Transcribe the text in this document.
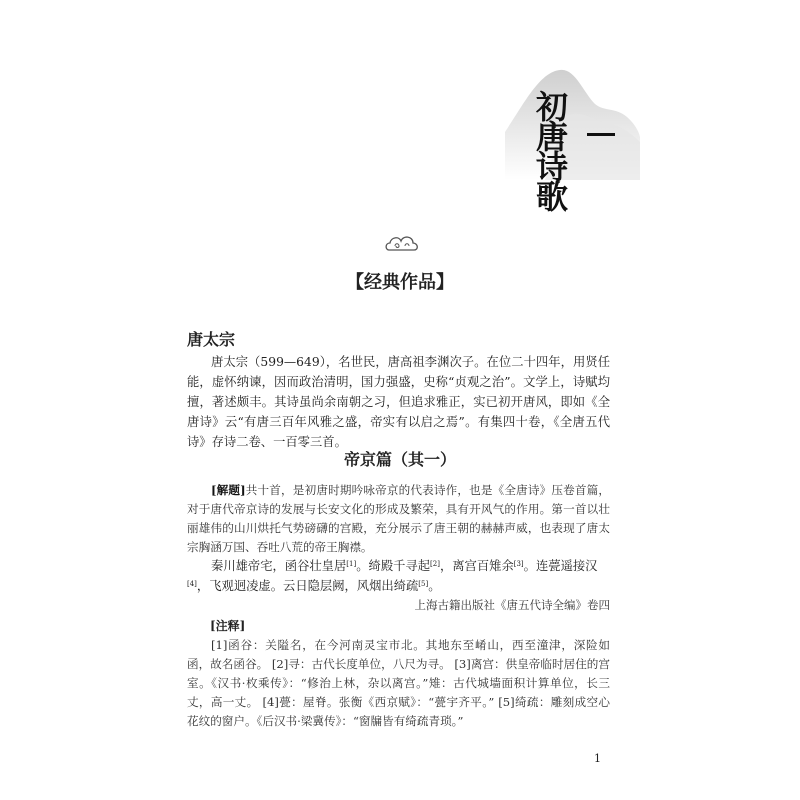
初
唐
诗
歌
【经典作品】
唐太宗
唐太宗（599—649），名世民，唐高祖李渊次子。在位二十四年，用贤任能，虚怀纳谏，因而政治清明，国力强盛，史称“贞观之治”。文学上，诗赋均擅，著述颇丰。其诗虽尚余南朝之习，但追求雅正，实已初开唐风，即如《全唐诗》云“有唐三百年风雅之盛，帝实有以启之焉”。有集四十卷，《全唐五代诗》存诗二卷、一百零三首。
帝京篇（其一）
[解题]共十首，是初唐时期吟咏帝京的代表诗作，也是《全唐诗》压卷首篇，对于唐代帝京诗的发展与长安文化的形成及繁荣，具有开风气的作用。第一首以壮丽雄伟的山川烘托气势磅礴的宫殿，充分展示了唐王朝的赫赫声威，也表现了唐太宗胸涵万国、吞吐八荒的帝王胸襟。
秦川雄帝宅，函谷壮皇居[1]。绮殿千寻起[2]，离宫百雉余[3]。连甍遥接汉[4]，飞观迥凌虚。云日隐层阙，风烟出绮疏[5]。
上海古籍出版社《唐五代诗全编》卷四
[注释]
[1]函谷：关隘名，在今河南灵宝市北。其地东至崤山，西至潼津，深险如函，故名函谷。 [2]寻：古代长度单位，八尺为寻。 [3]离宫：供皇帝临时居住的宫室。《汉书·枚乘传》：“修治上林，杂以离宫。”雉：古代城墙面积计算单位，长三丈，高一丈。 [4]甍：屋脊。张衡《西京赋》：“甍宇齐平。” [5]绮疏：雕刻成空心花纹的窗户。《后汉书·梁冀传》：“窗牖皆有绮疏青琐。”
1
